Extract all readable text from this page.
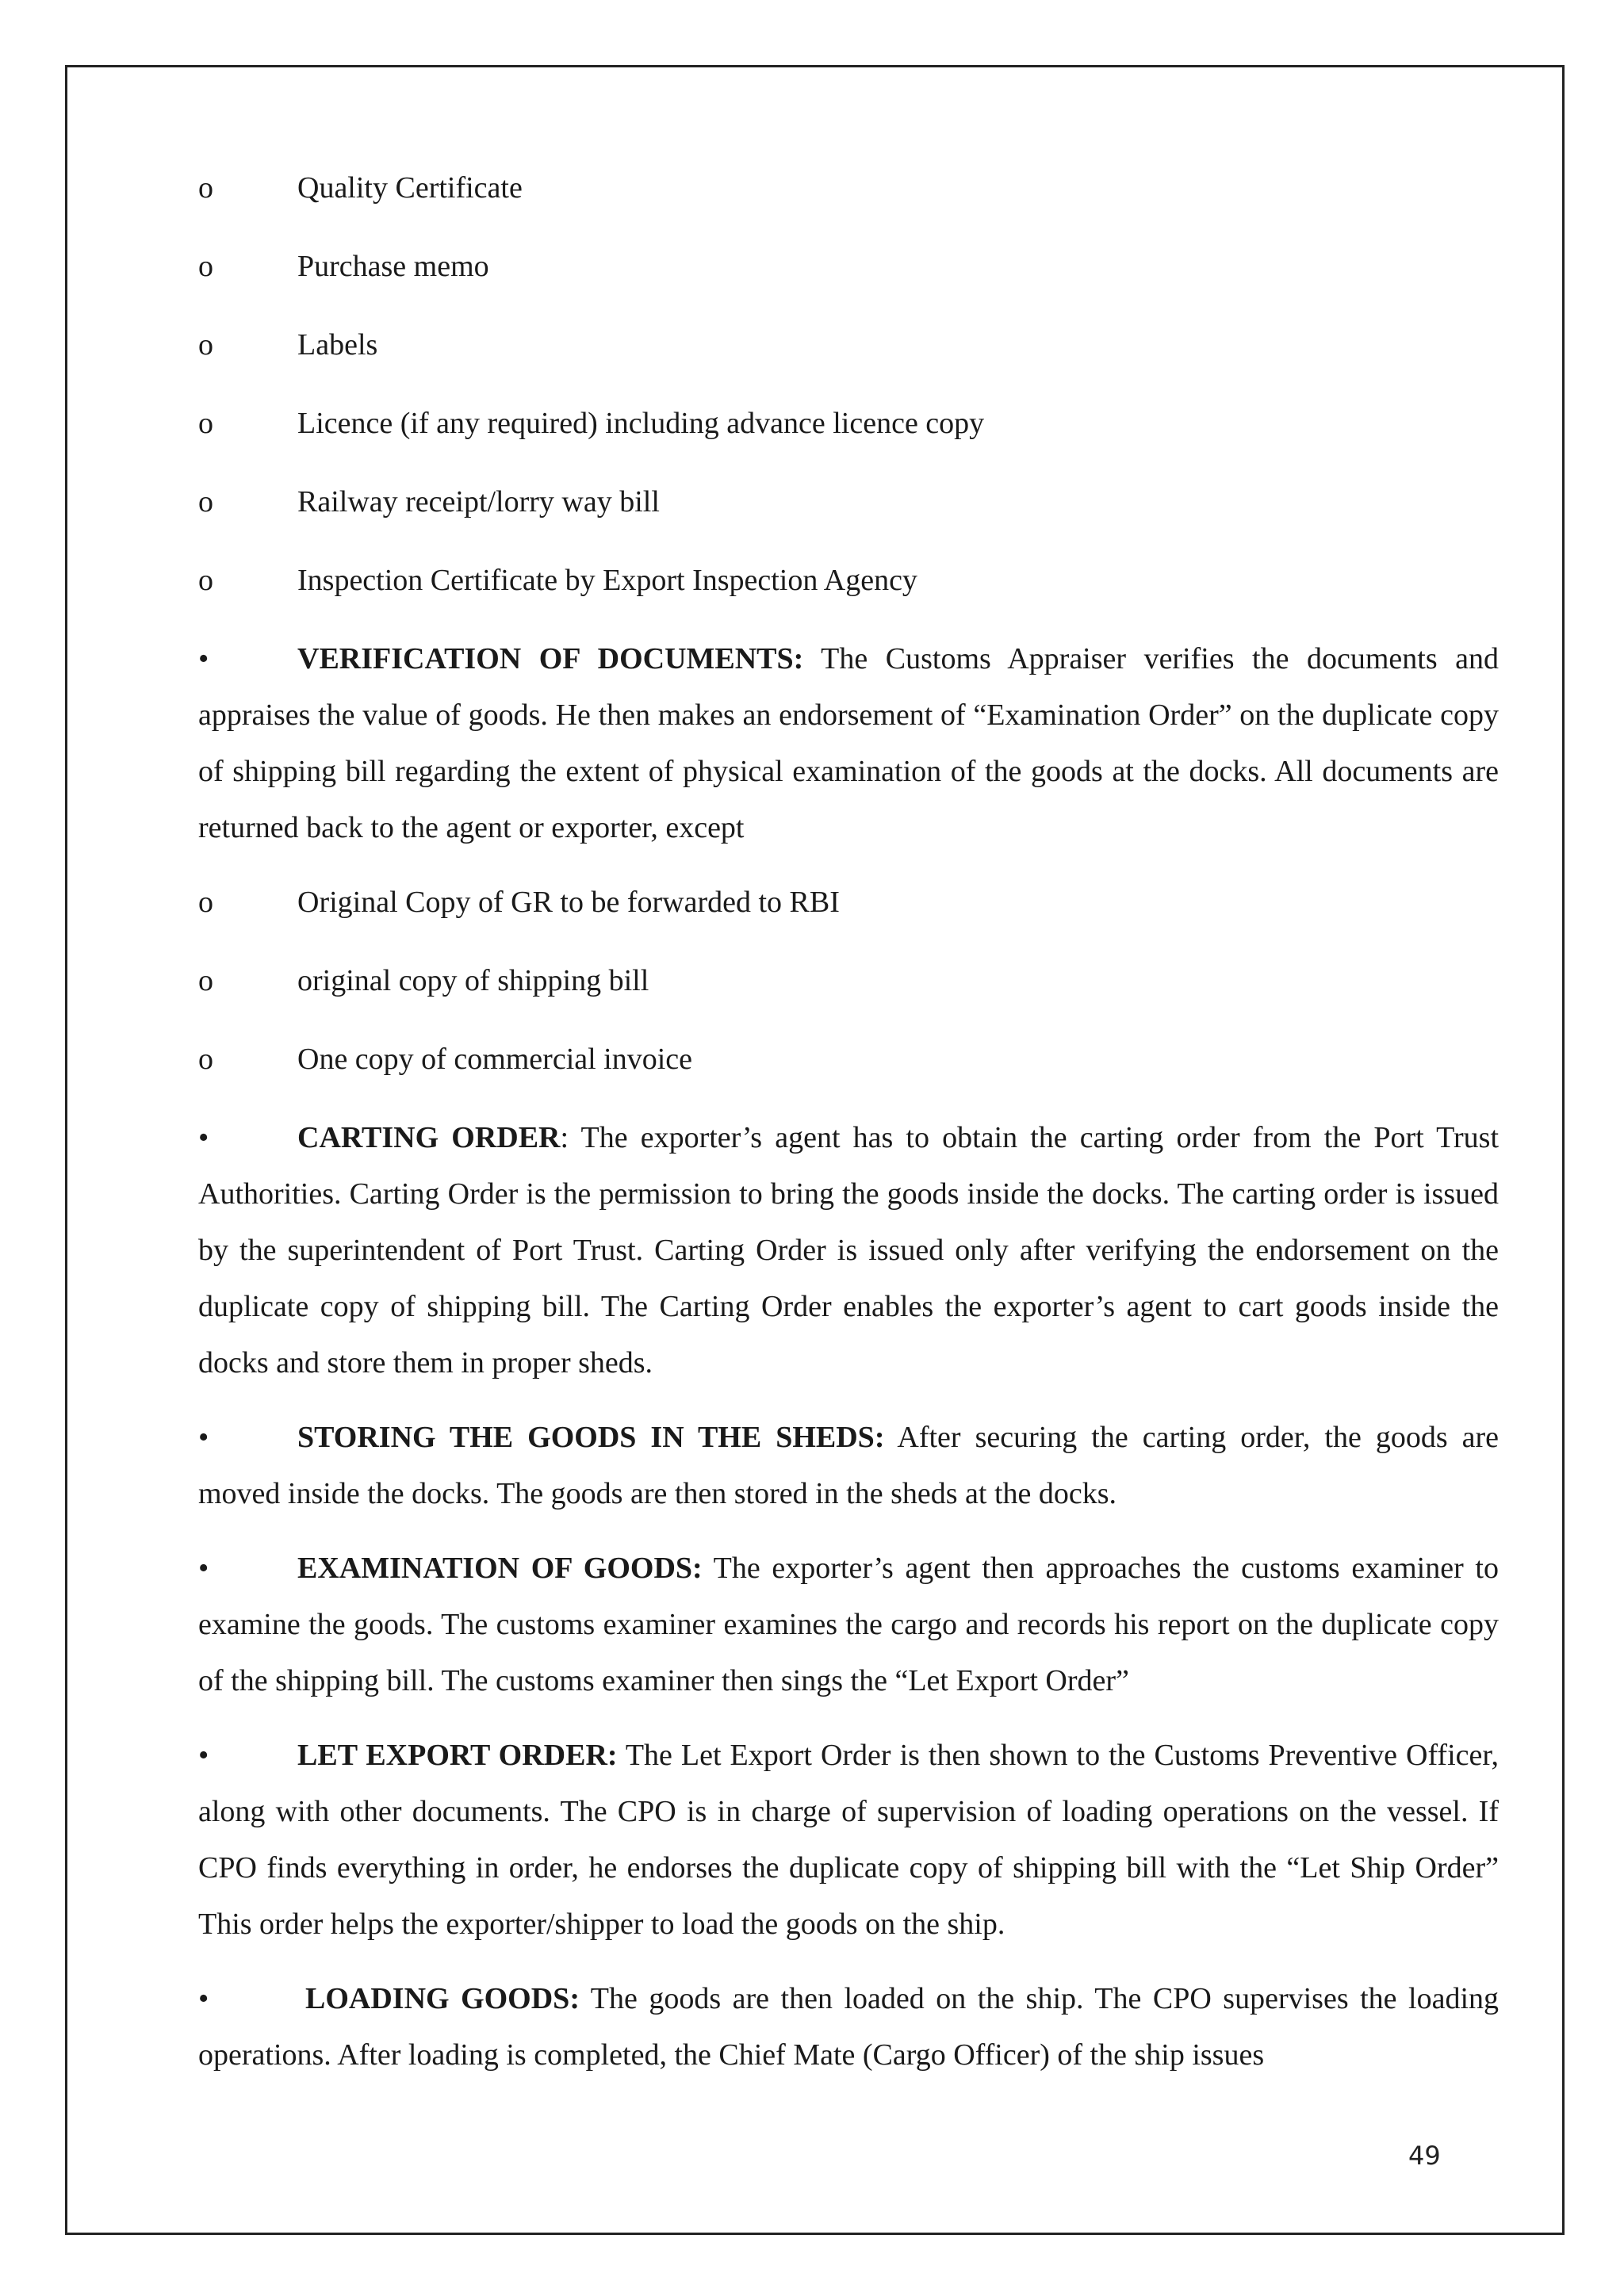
o	Quality Certificate
o	Purchase memo
o	Labels
o	Licence (if any required) including advance licence copy
o	Railway receipt/lorry way bill
o	Inspection Certificate by Export Inspection Agency

•	VERIFICATION OF DOCUMENTS: The Customs Appraiser verifies the documents and appraises the value of goods. He then makes an endorsement of “Examination Order” on the duplicate copy of shipping bill regarding the extent of physical examination of the goods at the docks. All documents are returned back to the agent or exporter, except

o	Original Copy of GR to be forwarded to RBI
o	original copy of shipping bill
o	One copy of commercial invoice

•	CARTING ORDER: The exporter’s agent has to obtain the carting order from the Port Trust Authorities. Carting Order is the permission to bring the goods inside the docks. The carting order is issued by the superintendent of Port Trust. Carting Order is issued only after verifying the endorsement on the duplicate copy of shipping bill. The Carting Order enables the exporter’s agent to cart goods inside the docks and store them in proper sheds.

•	STORING THE GOODS IN THE SHEDS: After securing the carting order, the goods are moved inside the docks. The goods are then stored in the sheds at the docks.

•	EXAMINATION OF GOODS: The exporter’s agent then approaches the customs examiner to examine the goods. The customs examiner examines the cargo and records his report on the duplicate copy of the shipping bill. The customs examiner then sings the “Let Export Order”

•	LET EXPORT ORDER: The Let Export Order is then shown to the Customs Preventive Officer, along with other documents. The CPO is in charge of supervision of loading operations on the vessel. If CPO finds everything in order, he endorses the duplicate copy of shipping bill with the “Let Ship Order” This order helps the exporter/shipper to load the goods on the ship.

•	LOADING GOODS: The goods are then loaded on the ship. The CPO supervises the loading operations. After loading is completed, the Chief Mate (Cargo Officer) of the ship issues

49
